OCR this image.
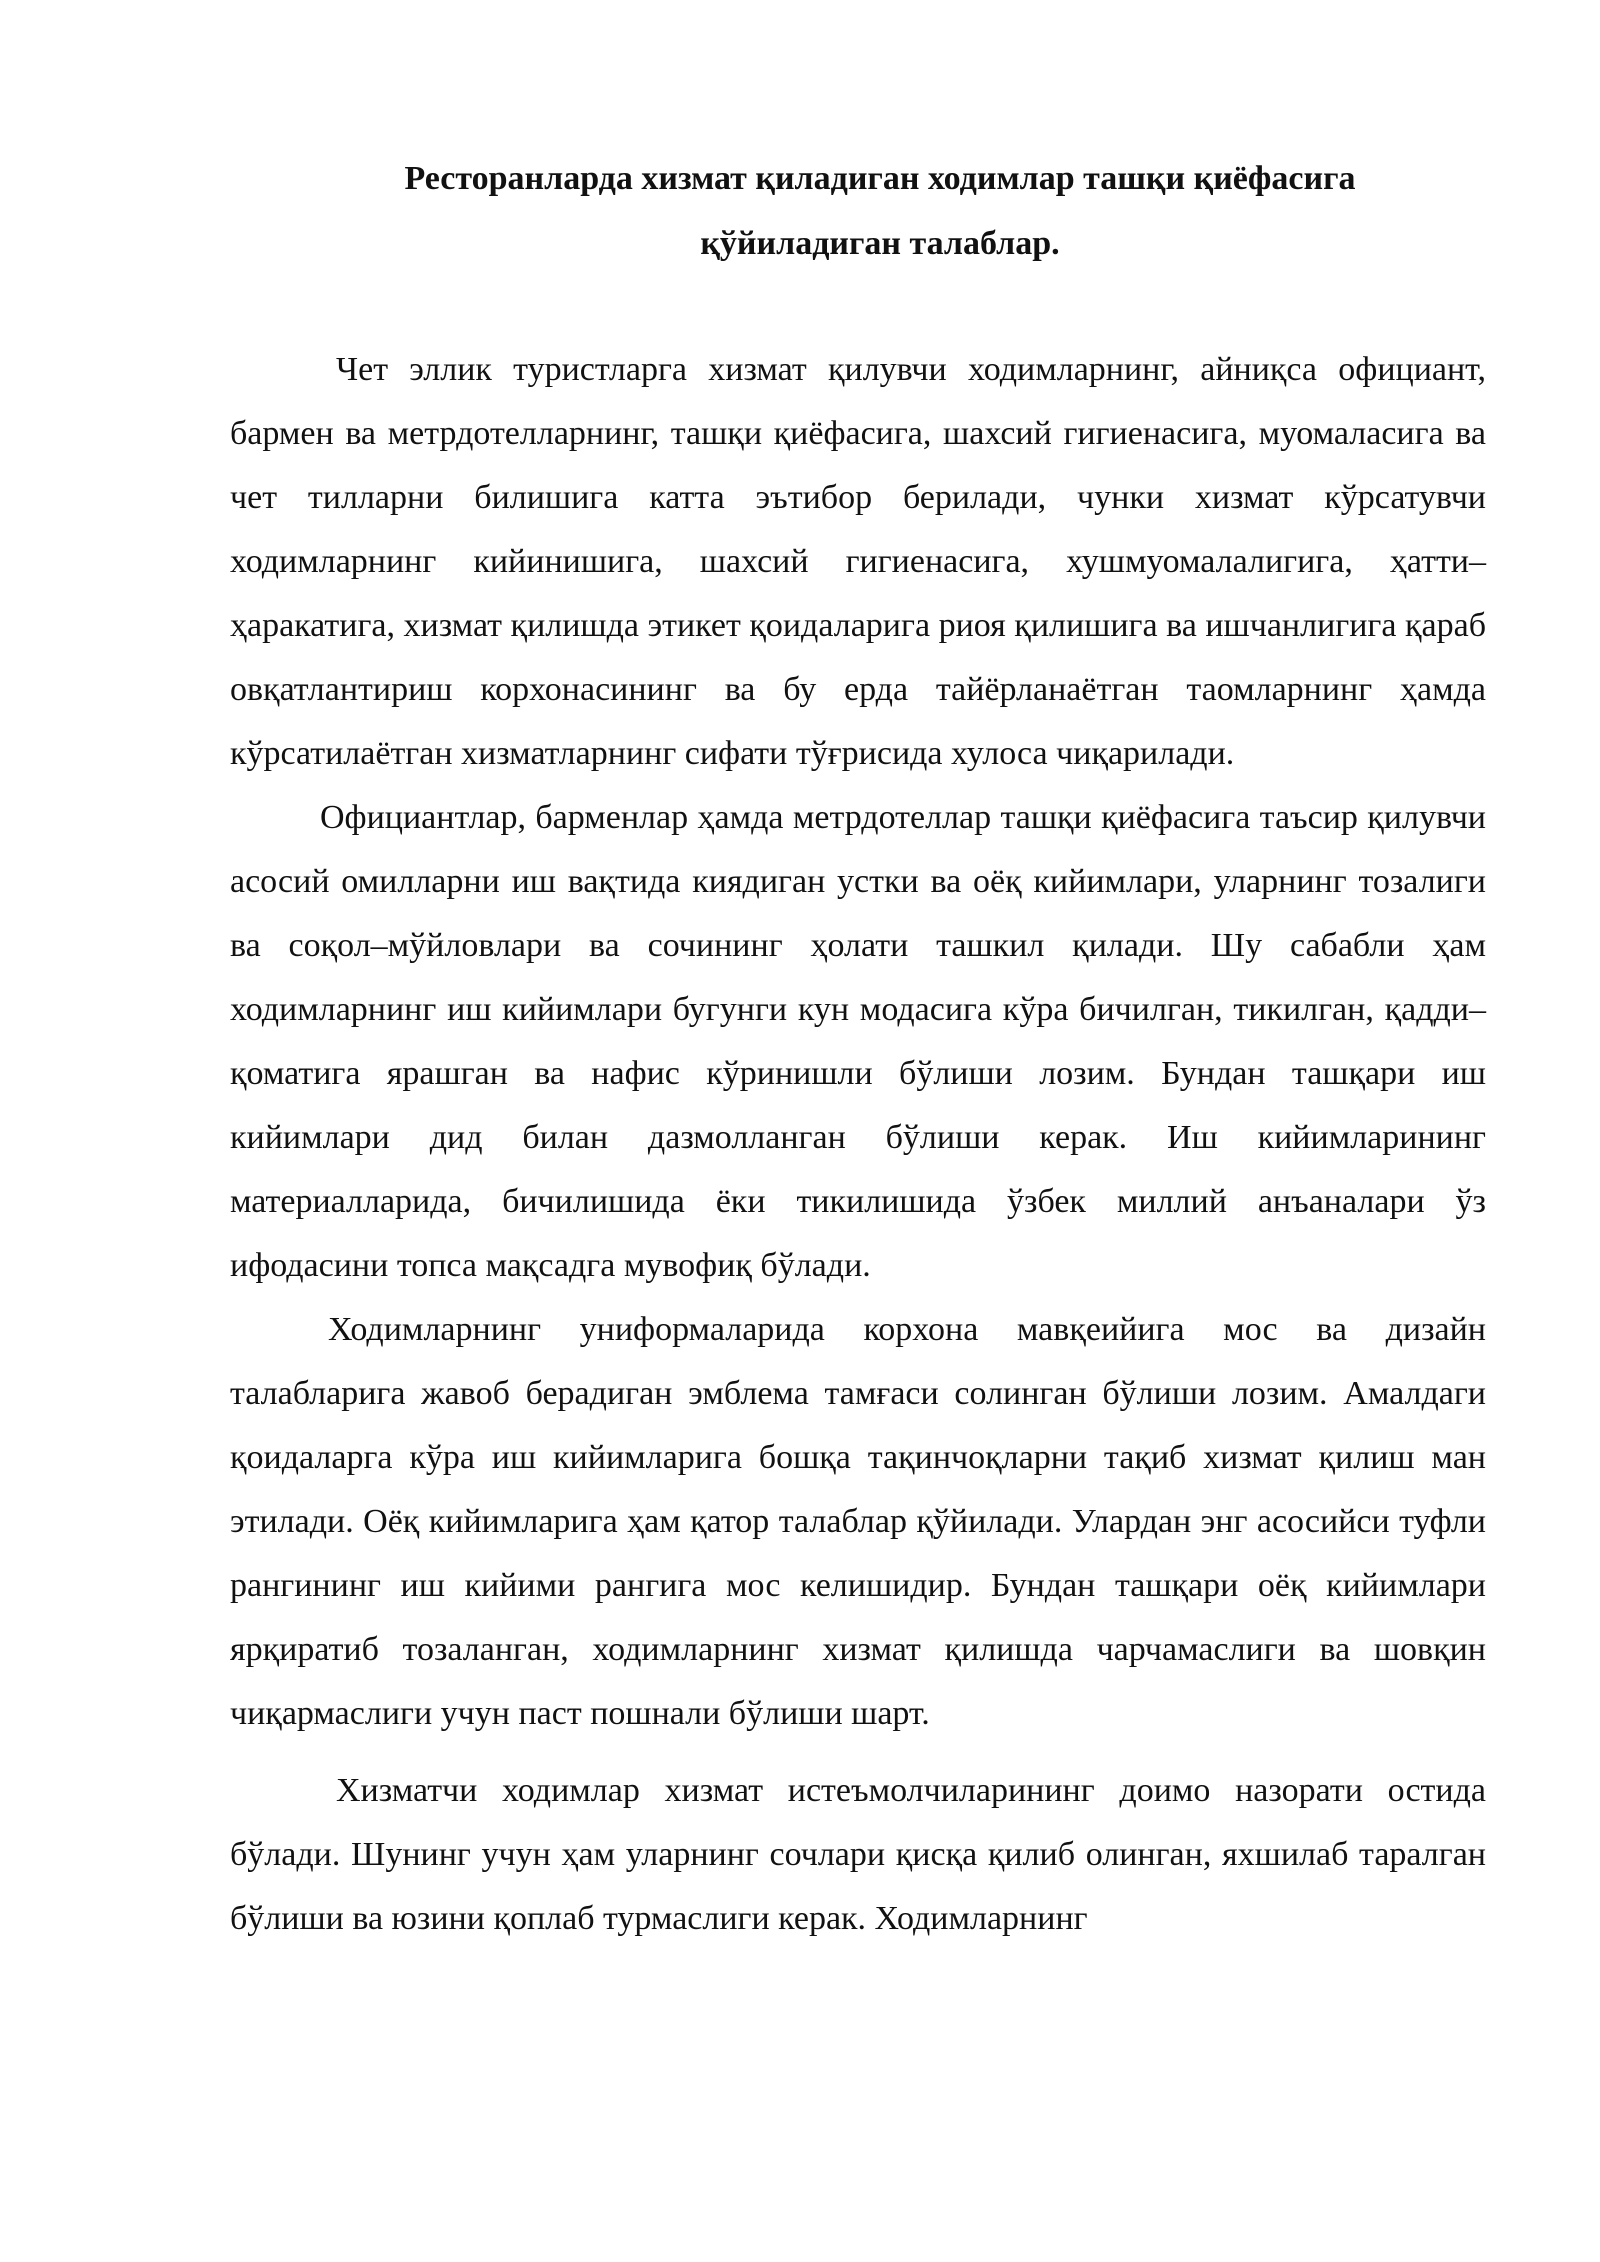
Ресторанларда хизмат қиладиган ходимлар ташқи қиёфасига
қўйиладиган талаблар.

Чет эллик туристларга хизмат қилувчи ходимларнинг, айниқса официант, бармен ва метрдотелларнинг, ташқи қиёфасига, шахсий гигиенасига, муомаласига ва чет тилларни билишига катта эътибор берилади, чунки хизмат кўрсатувчи ходимларнинг кийинишига, шахсий гигиенасига, хушмуомалалигига, ҳатти– ҳаракатига, хизмат қилишда этикет қоидаларига риоя қилишига ва ишчанлигига қараб овқатлантириш корхонасининг ва бу ерда тайёрланаётган таомларнинг ҳамда кўрсатилаётган хизматларнинг сифати тўғрисида хулоса чиқарилади.

Официантлар, барменлар ҳамда метрдотеллар ташқи қиёфасига таъсир қилувчи асосий омилларни иш вақтида киядиган устки ва оёқ кийимлари, уларнинг тозалиги ва соқол–мўйловлари ва сочининг ҳолати ташкил қилади. Шу сабабли ҳам ходимларнинг иш кийимлари бугунги кун модасига кўра бичилган, тикилган, қадди–қоматига ярашган ва нафис кўринишли бўлиши лозим. Бундан ташқари иш кийимлари дид билан дазмолланган бўлиши керак. Иш кийимларининг материалларида, бичилишида ёки тикилишида ўзбек миллий анъаналари ўз ифодасини топса мақсадга мувофиқ бўлади.

Ходимларнинг униформаларида корхона мавқеийига мос ва дизайн талабларига жавоб берадиган эмблема тамғаси солинган бўлиши лозим. Амалдаги қоидаларга кўра иш кийимларига бошқа тақинчоқларни тақиб хизмат қилиш ман этилади. Оёқ кийимларига ҳам қатор талаблар қўйилади. Улардан энг асосийси туфли рангининг иш кийими рангига мос келишидир. Бундан ташқари оёқ кийимлари ярқиратиб тозаланган, ходимларнинг хизмат қилишда чарчамаслиги ва шовқин чиқармаслиги учун паст пошнали бўлиши шарт.

Хизматчи ходимлар хизмат истеъмолчиларининг доимо назорати остида бўлади. Шунинг учун ҳам уларнинг сочлари қисқа қилиб олинган, яхшилаб таралган бўлиши ва юзини қоплаб турмаслиги керак. Ходимларнинг
